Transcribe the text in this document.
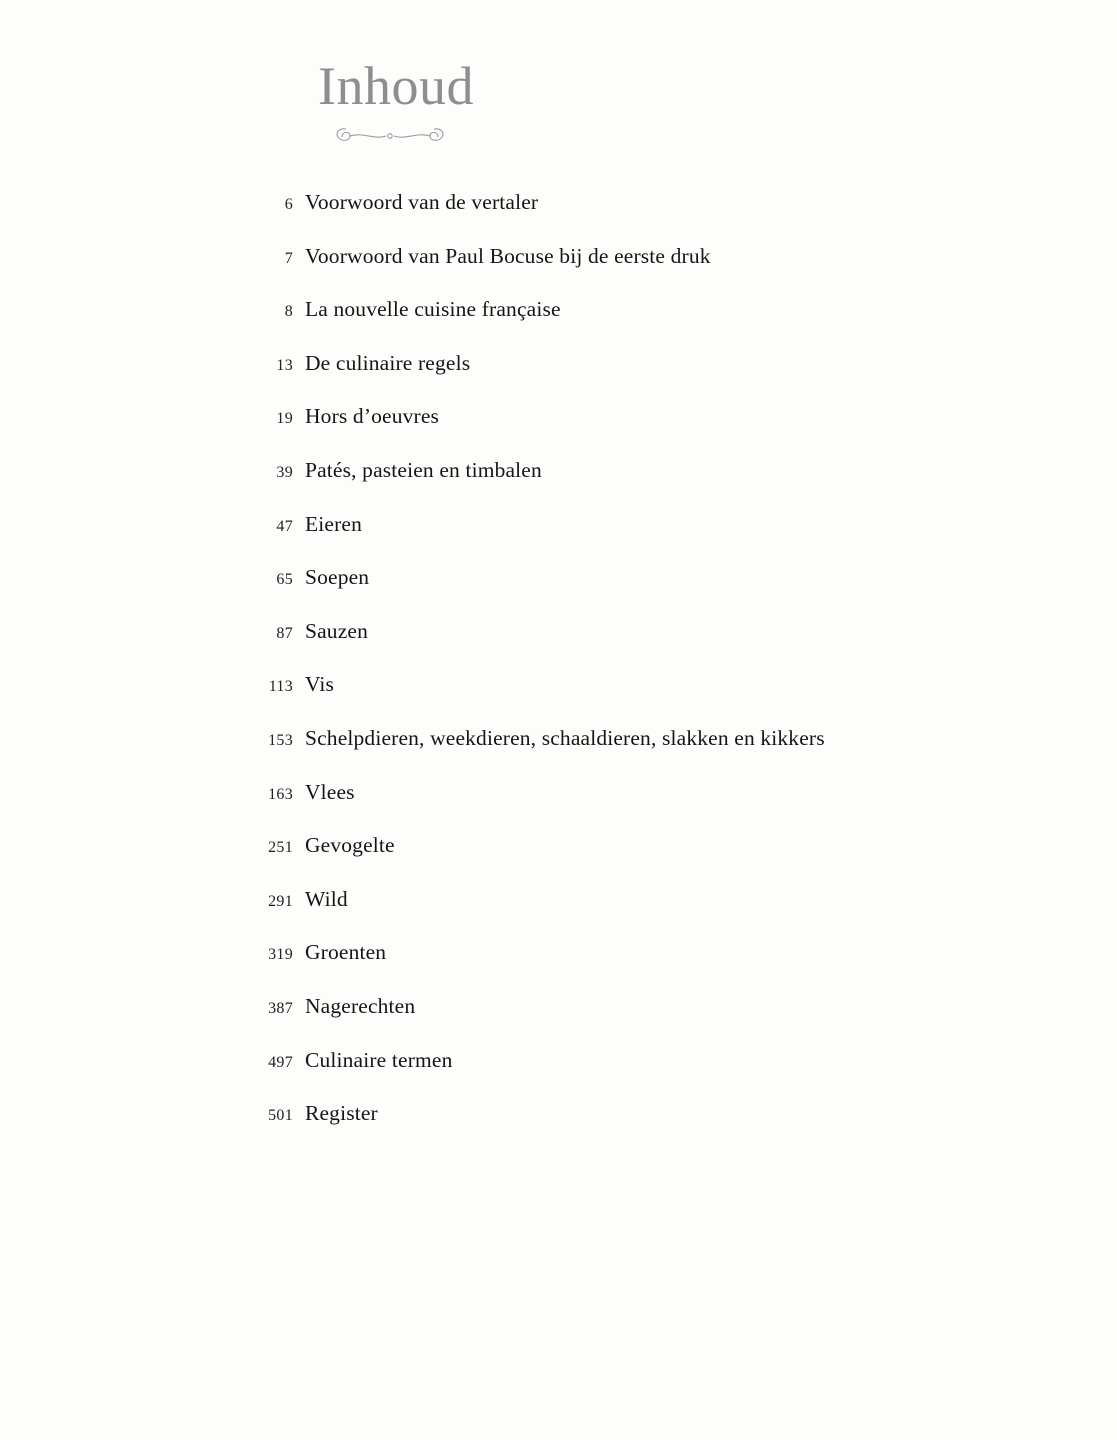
Inhoud
6 Voorwoord van de vertaler
7 Voorwoord van Paul Bocuse bij de eerste druk
8 La nouvelle cuisine française
13 De culinaire regels
19 Hors d’oeuvres
39 Patés, pasteien en timbalen
47 Eieren
65 Soepen
87 Sauzen
113 Vis
153 Schelpdieren, weekdieren, schaaldieren, slakken en kikkers
163 Vlees
251 Gevogelte
291 Wild
319 Groenten
387 Nagerechten
497 Culinaire termen
501 Register
